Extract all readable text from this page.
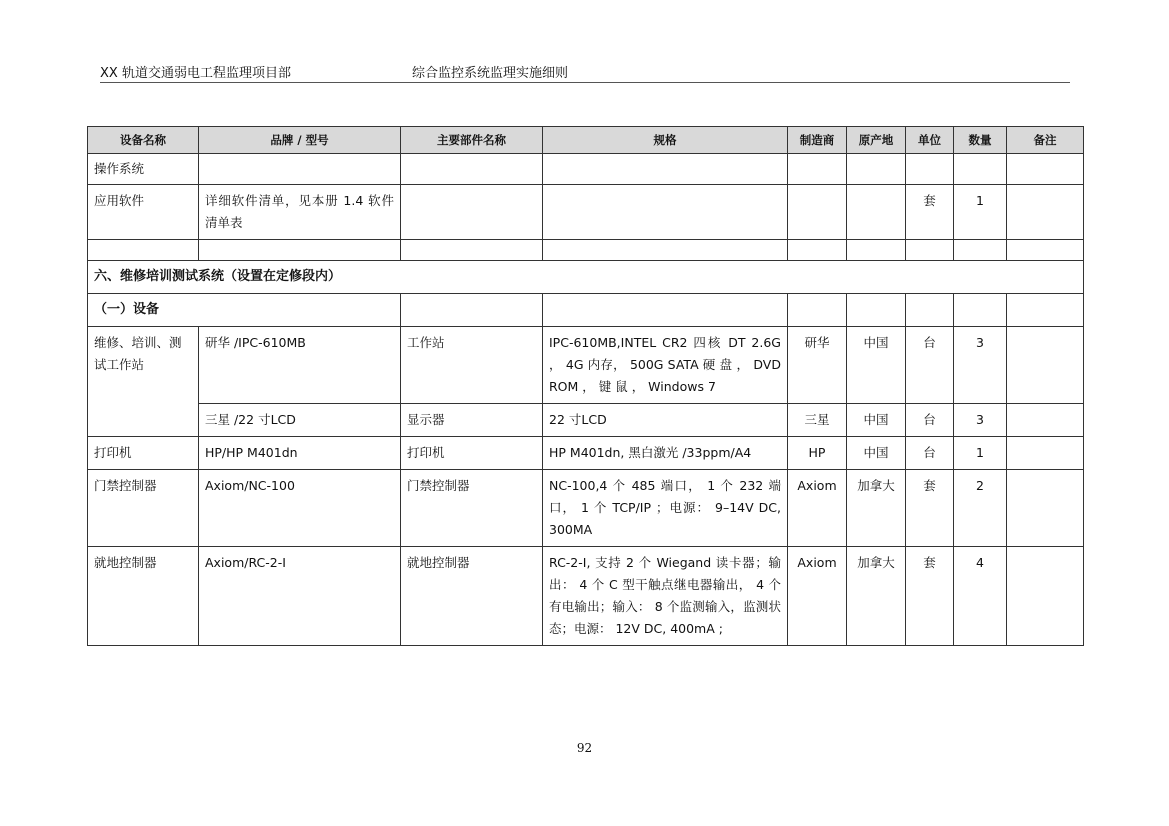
XX 轨道交通弱电工程监理项目部	综合监控系统监理实施细则
设备名称	品牌 / 型号	主要部件名称	规格	制造商	原产地	单位	数量	备注
操作系统								
应用软件	详细软件清单，见本册 1.4 软件清单表					套	1	

六、维修培训测试系统（设置在定修段内）								
（一）设备								
维修、培训、测试工作站	研华 /IPC-610MB	工作站	IPC-610MB,INTEL CR2 四核 DT 2.6G ， 4G 内存， 500G SATA 硬 盘 ， DVD ROM ， 键 鼠 ， Windows 7	研华	中国	台	3	
	三星 /22 寸LCD	显示器	22 寸LCD	三星	中国	台	3	
打印机	HP/HP M401dn	打印机	HP M401dn, 黑白激光 /33ppm/A4	HP	中国	台	1	
门禁控制器	Axiom/NC-100	门禁控制器	NC-100,4 个 485 端口， 1 个 232 端口， 1 个 TCP/IP ；电源： 9–14V DC, 300MA	Axiom	加拿大	套	2	
就地控制器	Axiom/RC-2-I	就地控制器	RC-2-I, 支持 2 个 Wiegand 读卡器；输出： 4 个 C 型干触点继电器输出， 4 个有电输出；输入： 8 个监测输入，监测状态；电源： 12V DC, 400mA ;	Axiom	加拿大	套	4	
92
